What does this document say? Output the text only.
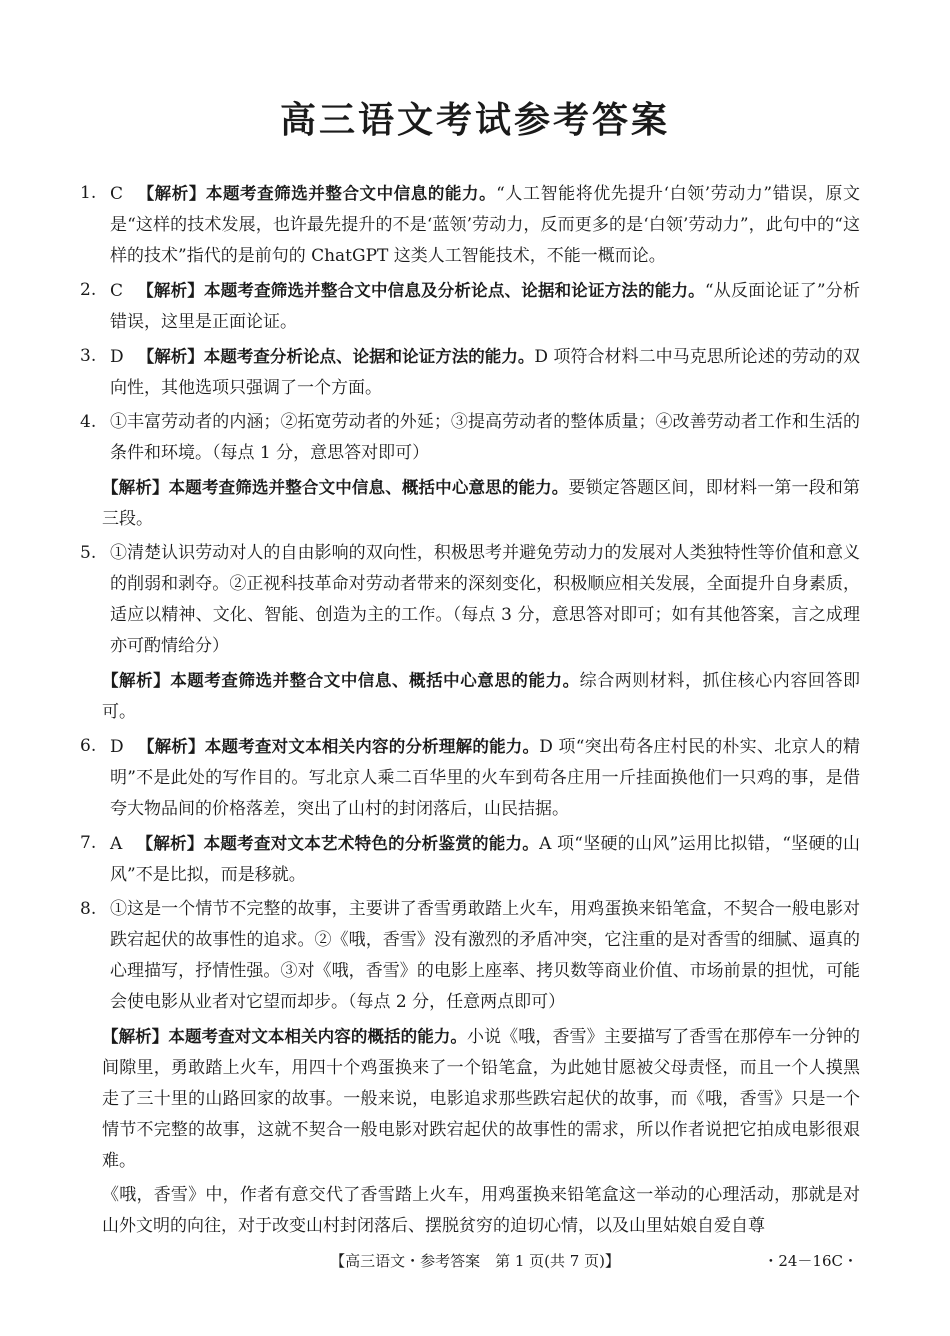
高三语文考试参考答案
1. C 【解析】本题考查筛选并整合文中信息的能力。“人工智能将优先提升‘白领’劳动力”错误，原文是“这样的技术发展，也许最先提升的不是‘蓝领’劳动力，反而更多的是‘白领’劳动力”，此句中的“这样的技术”指代的是前句的 ChatGPT 这类人工智能技术，不能一概而论。
2. C 【解析】本题考查筛选并整合文中信息及分析论点、论据和论证方法的能力。“从反面论证了”分析错误，这里是正面论证。
3. D 【解析】本题考查分析论点、论据和论证方法的能力。D 项符合材料二中马克思所论述的劳动的双向性，其他选项只强调了一个方面。
4. ①丰富劳动者的内涵；②拓宽劳动者的外延；③提高劳动者的整体质量；④改善劳动者工作和生活的条件和环境。（每点 1 分，意思答对即可）
【解析】本题考查筛选并整合文中信息、概括中心意思的能力。要锁定答题区间，即材料一第一段和第三段。
5. ①清楚认识劳动对人的自由影响的双向性，积极思考并避免劳动力的发展对人类独特性等价值和意义的削弱和剥夺。②正视科技革命对劳动者带来的深刻变化，积极顺应相关发展，全面提升自身素质，适应以精神、文化、智能、创造为主的工作。（每点 3 分，意思答对即可；如有其他答案，言之成理亦可酌情给分）
【解析】本题考查筛选并整合文中信息、概括中心意思的能力。综合两则材料，抓住核心内容回答即可。
6. D 【解析】本题考查对文本相关内容的分析理解的能力。D 项“突出苟各庄村民的朴实、北京人的精明”不是此处的写作目的。写北京人乘二百华里的火车到苟各庄用一斤挂面换他们一只鸡的事，是借夸大物品间的价格落差，突出了山村的封闭落后，山民拮据。
7. A 【解析】本题考查对文本艺术特色的分析鉴赏的能力。A 项“坚硬的山风”运用比拟错，“坚硬的山风”不是比拟，而是移就。
8. ①这是一个情节不完整的故事，主要讲了香雪勇敢踏上火车，用鸡蛋换来铅笔盒，不契合一般电影对跌宕起伏的故事性的追求。②《哦，香雪》没有激烈的矛盾冲突，它注重的是对香雪的细腻、逼真的心理描写，抒情性强。③对《哦，香雪》的电影上座率、拷贝数等商业价值、市场前景的担忧，可能会使电影从业者对它望而却步。（每点 2 分，任意两点即可）
【解析】本题考查对文本相关内容的概括的能力。小说《哦，香雪》主要描写了香雪在那停车一分钟的间隙里，勇敢踏上火车，用四十个鸡蛋换来了一个铅笔盒，为此她甘愿被父母责怪，而且一个人摸黑走了三十里的山路回家的故事。一般来说，电影追求那些跌宕起伏的故事，而《哦，香雪》只是一个情节不完整的故事，这就不契合一般电影对跌宕起伏的故事性的需求，所以作者说把它拍成电影很艰难。
《哦，香雪》中，作者有意交代了香雪踏上火车，用鸡蛋换来铅笔盒这一举动的心理活动，那就是对山外文明的向往，对于改变山村封闭落后、摆脱贫穷的迫切心情，以及山里姑娘自爱自尊
【高三语文・参考答案　第 1 页(共 7 页)】	・24－16C・
